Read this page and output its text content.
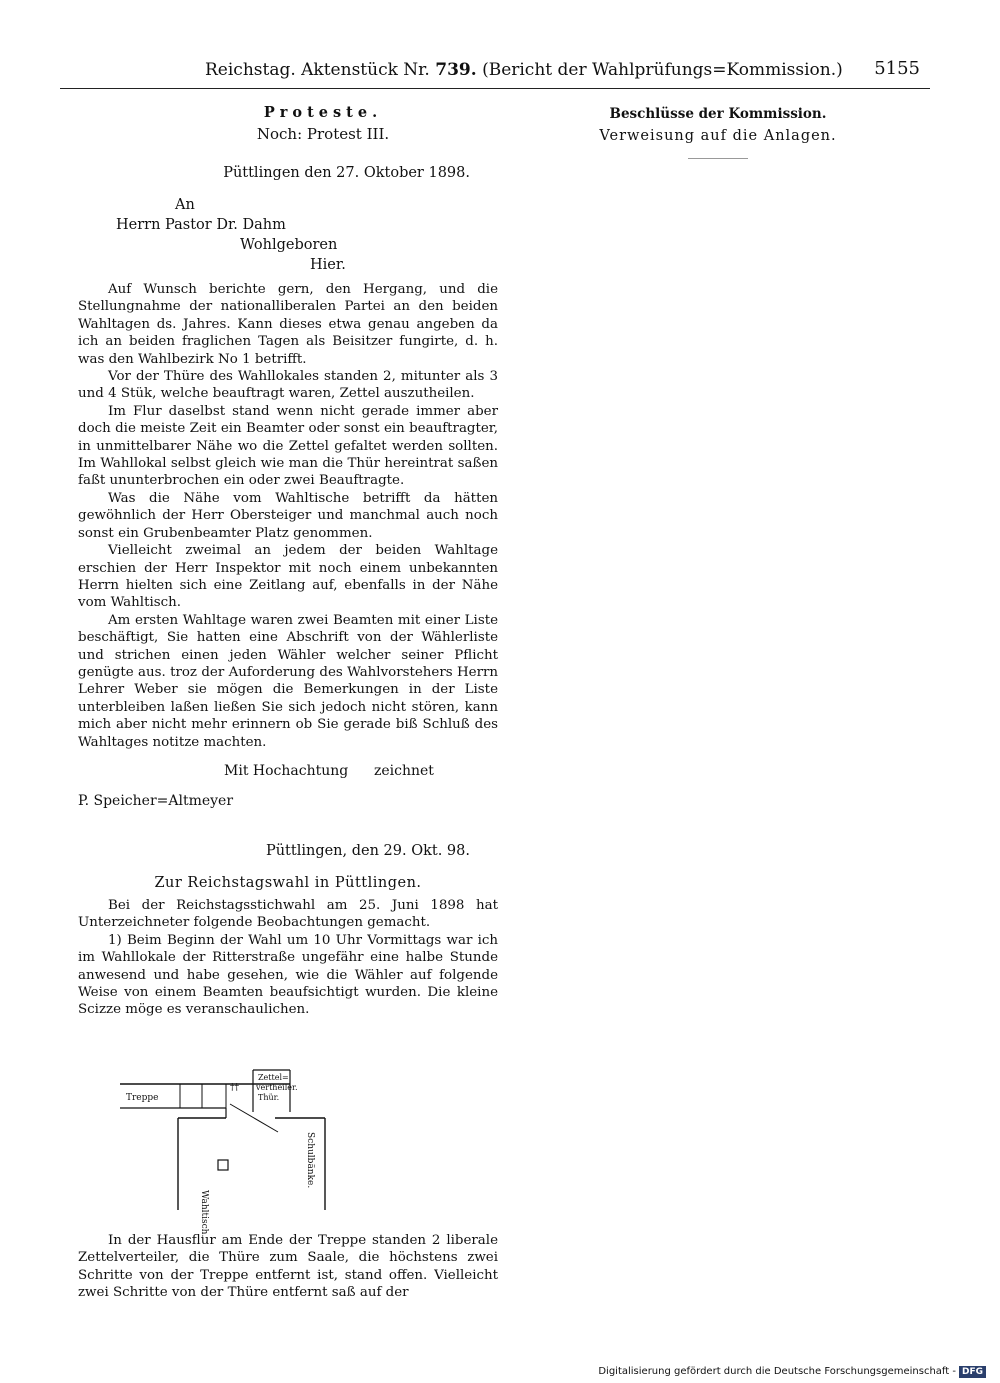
Reichstag. Aktenstück Nr. 739. (Bericht der Wahlprüfungs=Kommission.) 5155
Beschlüsse der Kommission.
Verweisung auf die Anlagen.
Proteste.
Noch: Protest III.
Püttlingen den 27. Oktober 1898.
An
Herrn Pastor Dr. Dahm
Wohlgeboren
Hier.

Auf Wunsch berichte gern, den Hergang, und die Stellungnahme der nationalliberalen Partei an den beiden Wahltagen ds. Jahres. Kann dieses etwa genau angeben da ich an beiden fraglichen Tagen als Beisitzer fungirte, d. h. was den Wahlbezirk No 1 betrifft.

Vor der Thüre des Wahllokales standen 2, mitunter als 3 und 4 Stük, welche beauftragt waren, Zettel auszutheilen.

Im Flur daselbst stand wenn nicht gerade immer aber doch die meiste Zeit ein Beamter oder sonst ein beauftragter, in unmittelbarer Nähe wo die Zettel gefaltet werden sollten. Im Wahllokal selbst gleich wie man die Thür hereintrat saßen faßt ununterbrochen ein oder zwei Beauftragte.

Was die Nähe vom Wahltische betrifft da hätten gewöhnlich der Herr Obersteiger und manchmal auch noch sonst ein Grubenbeamter Platz genommen.

Vielleicht zweimal an jedem der beiden Wahltage erschien der Herr Inspektor mit noch einem unbekannten Herrn hielten sich eine Zeitlang auf, ebenfalls in der Nähe vom Wahltisch.

Am ersten Wahltage waren zwei Beamten mit einer Liste beschäftigt, Sie hatten eine Abschrift von der Wählerliste und strichen einen jeden Wähler welcher seiner Pflicht genügte aus. troz der Auforderung des Wahlvorstehers Herrn Lehrer Weber sie mögen die Bemerkungen in der Liste unterbleiben laßen ließen Sie sich jedoch nicht stören, kann mich aber nicht mehr erinnern ob Sie gerade biß Schluß des Wahltages notitze machten.

Mit Hochachtung zeichnet
P. Speicher=Altmeyer
Püttlingen, den 29. Okt. 98.
Zur Reichstagswahl in Püttlingen.

Bei der Reichstagsstichwahl am 25. Juni 1898 hat Unterzeichneter folgende Beobachtungen gemacht.

1) Beim Beginn der Wahl um 10 Uhr Vormittags war ich im Wahllokale der Ritterstraße ungefähr eine halbe Stunde anwesend und habe gesehen, wie die Wähler auf folgende Weise von einem Beamten beaufsichtigt wurden. Die kleine Scizze möge es veranschaulichen.

Treppe
Zettel=
vertheiler.
††
Thür.
Wahltisch.
Schulbänke.

In der Hausflur am Ende der Treppe standen 2 liberale Zettelverteiler, die Thüre zum Saale, die höchstens zwei Schritte von der Treppe entfernt ist, stand offen. Vielleicht zwei Schritte von der Thüre entfernt saß auf der

Digitalisierung gefördert durch die Deutsche Forschungsgemeinschaft - DFG
